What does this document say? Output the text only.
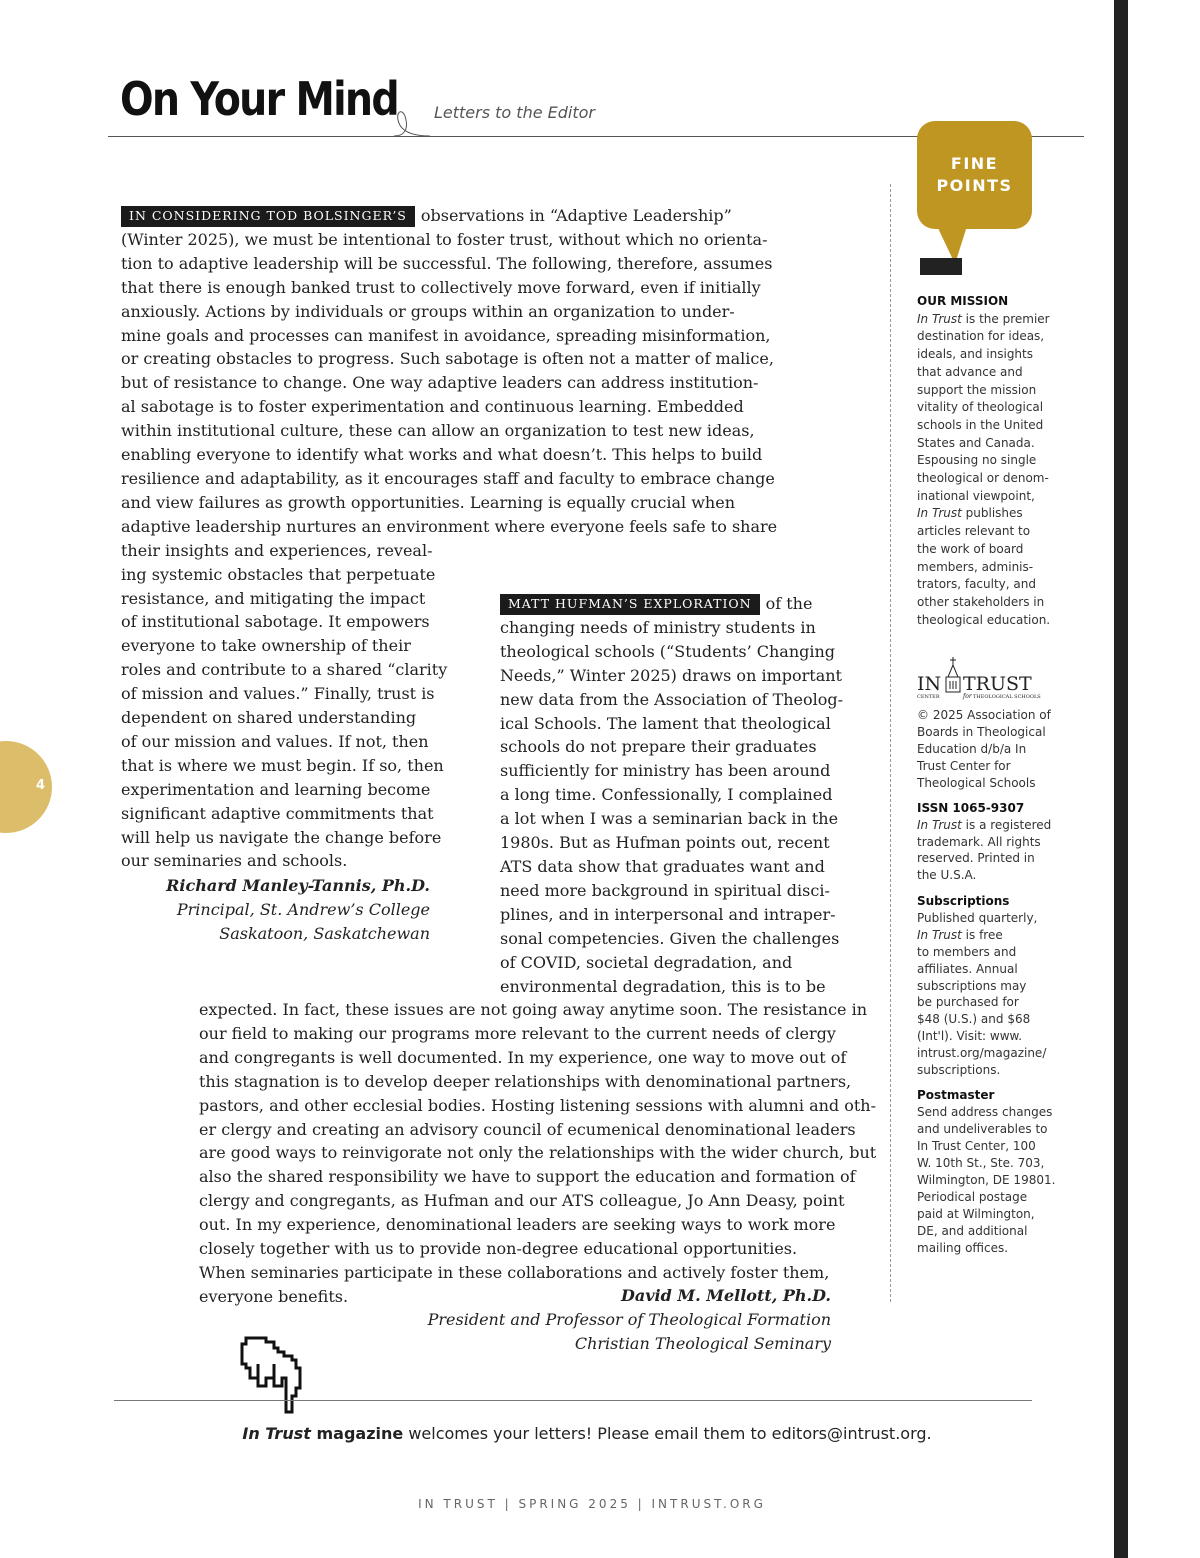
On Your Mind Letters to the Editor
FINE
POINTS
OUR MISSION
In Trust is the premier
destination for ideas,
ideals, and insights
that advance and
support the mission
vitality of theological
schools in the United
States and Canada.
Espousing no single
theological or denom-
inational viewpoint,
In Trust publishes
articles relevant to
the work of board
members, adminis-
trators, faculty, and
other stakeholders in
theological education.
IN TRUST
CENTER	for THEOLOGICAL SCHOOLS
© 2025 Association of
Boards in Theological
Education d/b/a In
Trust Center for
Theological Schools
ISSN 1065-9307
In Trust is a registered
trademark. All rights
reserved. Printed in
the U.S.A.
Subscriptions
Published quarterly,
In Trust is free
to members and
affiliates. Annual
subscriptions may
be purchased for
$48 (U.S.) and $68
(Int'l). Visit: www.
intrust.org/magazine/
subscriptions.
Postmaster
Send address changes
and undeliverables to
In Trust Center, 100
W. 10th St., Ste. 703,
Wilmington, DE 19801.
Periodical postage
paid at Wilmington,
DE, and additional
mailing offices.
IN CONSIDERING TOD BOLSINGER’S observations in “Adaptive Leadership”
(Winter 2025), we must be intentional to foster trust, without which no orienta-
tion to adaptive leadership will be successful. The following, therefore, assumes
that there is enough banked trust to collectively move forward, even if initially
anxiously. Actions by individuals or groups within an organization to under-
mine goals and processes can manifest in avoidance, spreading misinformation,
or creating obstacles to progress. Such sabotage is often not a matter of malice,
but of resistance to change. One way adaptive leaders can address institution-
al sabotage is to foster experimentation and continuous learning. Embedded
within institutional culture, these can allow an organization to test new ideas,
enabling everyone to identify what works and what doesn’t. This helps to build
resilience and adaptability, as it encourages staff and faculty to embrace change
and view failures as growth opportunities. Learning is equally crucial when
adaptive leadership nurtures an environment where everyone feels safe to share
their insights and experiences, reveal-
ing systemic obstacles that perpetuate
resistance, and mitigating the impact
of institutional sabotage. It empowers
everyone to take ownership of their
roles and contribute to a shared “clarity
of mission and values.” Finally, trust is
dependent on shared understanding
of our mission and values. If not, then
that is where we must begin. If so, then
experimentation and learning become
significant adaptive commitments that
will help us navigate the change before
our seminaries and schools.
Richard Manley-Tannis, Ph.D.
Principal, St. Andrew’s College
Saskatoon, Saskatchewan
MATT HUFMAN’S EXPLORATION of the
changing needs of ministry students in
theological schools (“Students’ Changing
Needs,” Winter 2025) draws on important
new data from the Association of Theolog-
ical Schools. The lament that theological
schools do not prepare their graduates
sufficiently for ministry has been around
a long time. Confessionally, I complained
a lot when I was a seminarian back in the
1980s. But as Hufman points out, recent
ATS data show that graduates want and
need more background in spiritual disci-
plines, and in interpersonal and intraper-
sonal competencies. Given the challenges
of COVID, societal degradation, and
environmental degradation, this is to be
expected. In fact, these issues are not going away anytime soon. The resistance in
our field to making our programs more relevant to the current needs of clergy
and congregants is well documented. In my experience, one way to move out of
this stagnation is to develop deeper relationships with denominational partners,
pastors, and other ecclesial bodies. Hosting listening sessions with alumni and oth-
er clergy and creating an advisory council of ecumenical denominational leaders
are good ways to reinvigorate not only the relationships with the wider church, but
also the shared responsibility we have to support the education and formation of
clergy and congregants, as Hufman and our ATS colleague, Jo Ann Deasy, point
out. In my experience, denominational leaders are seeking ways to work more
closely together with us to provide non-degree educational opportunities.
When seminaries participate in these collaborations and actively foster them,
everyone benefits.	David M. Mellott, Ph.D.
President and Professor of Theological Formation
Christian Theological Seminary
4
In Trust magazine welcomes your letters! Please email them to editors@intrust.org.
IN TRUST | SPRING 2025 | INTRUST.ORG
